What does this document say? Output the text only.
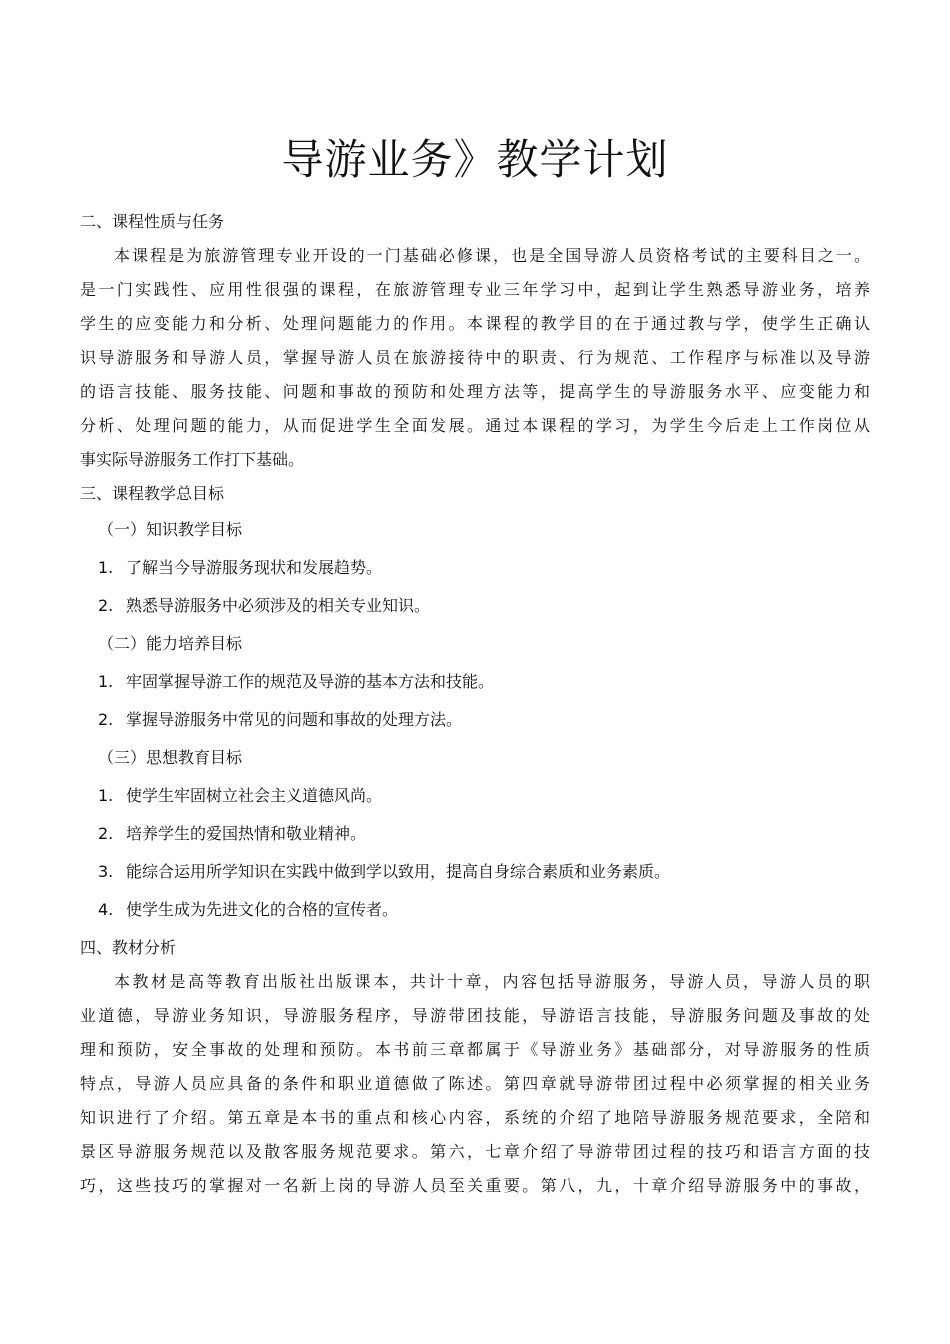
导游业务》教学计划
二、课程性质与任务
本课程是为旅游管理专业开设的一门基础必修课，也是全国导游人员资格考试的主要科目之一。
是一门实践性、应用性很强的课程，在旅游管理专业三年学习中，起到让学生熟悉导游业务，培养
学生的应变能力和分析、处理问题能力的作用。本课程的教学目的在于通过教与学，使学生正确认
识导游服务和导游人员，掌握导游人员在旅游接待中的职责、行为规范、工作程序与标准以及导游
的语言技能、服务技能、问题和事故的预防和处理方法等，提高学生的导游服务水平、应变能力和
分析、处理问题的能力，从而促进学生全面发展。通过本课程的学习，为学生今后走上工作岗位从
事实际导游服务工作打下基础。
三、课程教学总目标
（一）知识教学目标
1. 了解当今导游服务现状和发展趋势。
2. 熟悉导游服务中必须涉及的相关专业知识。
（二）能力培养目标
1. 牢固掌握导游工作的规范及导游的基本方法和技能。
2. 掌握导游服务中常见的问题和事故的处理方法。
（三）思想教育目标
1. 使学生牢固树立社会主义道德风尚。
2. 培养学生的爱国热情和敬业精神。
3. 能综合运用所学知识在实践中做到学以致用，提高自身综合素质和业务素质。
4. 使学生成为先进文化的合格的宣传者。
四、教材分析
本教材是高等教育出版社出版课本，共计十章，内容包括导游服务，导游人员，导游人员的职
业道德，导游业务知识，导游服务程序，导游带团技能，导游语言技能，导游服务问题及事故的处
理和预防，安全事故的处理和预防。本书前三章都属于《导游业务》基础部分，对导游服务的性质
特点，导游人员应具备的条件和职业道德做了陈述。第四章就导游带团过程中必须掌握的相关业务
知识进行了介绍。第五章是本书的重点和核心内容，系统的介绍了地陪导游服务规范要求，全陪和
景区导游服务规范以及散客服务规范要求。第六，七章介绍了导游带团过程的技巧和语言方面的技
巧，这些技巧的掌握对一名新上岗的导游人员至关重要。第八，九，十章介绍导游服务中的事故，
